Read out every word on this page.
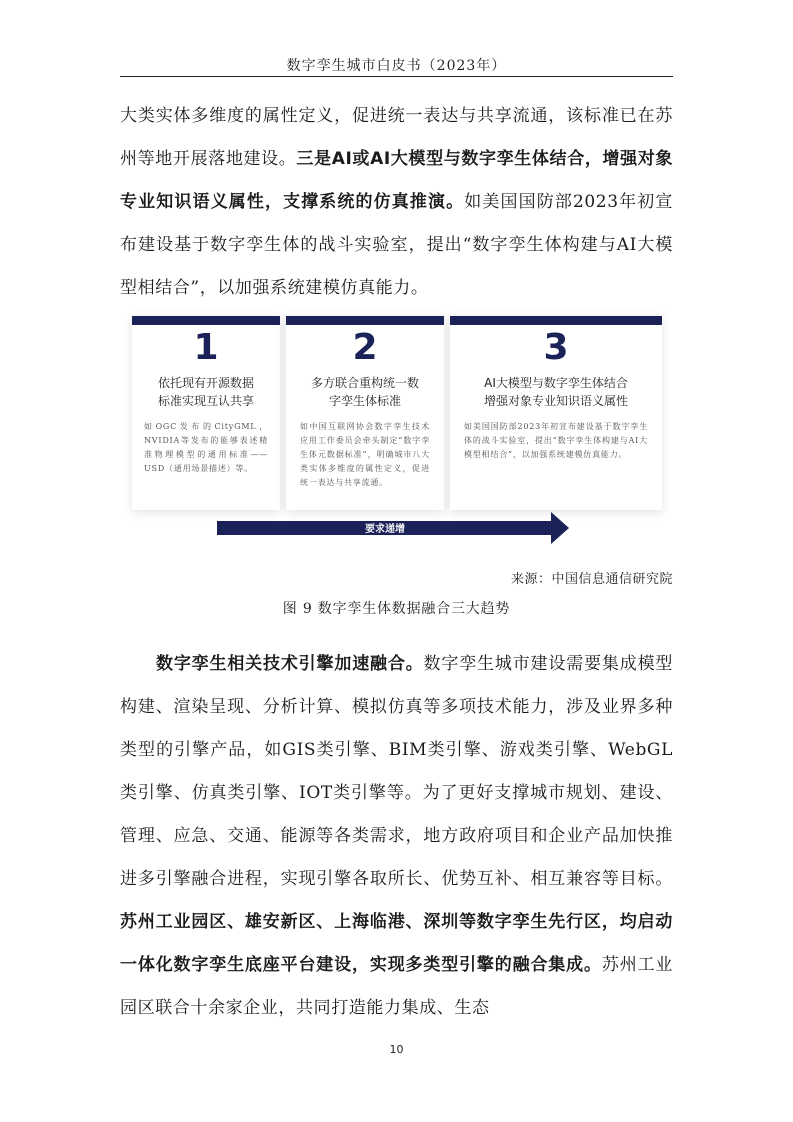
数字孪生城市白皮书（2023年）

大类实体多维度的属性定义，促进统一表达与共享流通，该标准已在苏州等地开展落地建设。三是AI或AI大模型与数字孪生体结合，增强对象专业知识语义属性，支撑系统的仿真推演。如美国国防部2023年初宣布建设基于数字孪生体的战斗实验室，提出“数字孪生体构建与AI大模型相结合”，以加强系统建模仿真能力。

1
依托现有开源数据
标准实现互认共享
如OGC发布的CityGML，NVIDIA等发布的能够表述精准物理模型的通用标准——USD（通用场景描述）等。
2
多方联合重构统一数
字孪生体标准
如中国互联网协会数字孪生技术应用工作委员会牵头制定“数字孪生体元数据标准”，明确城市八大类实体多维度的属性定义，促进统一表达与共享流通。
3
AI大模型与数字孪生体结合
增强对象专业知识语义属性
如美国国防部2023年初宣布建设基于数字孪生体的战斗实验室，提出“数字孪生体构建与AI大模型相结合”，以加强系统建模仿真能力。
要求递增
来源：中国信息通信研究院
图 9 数字孪生体数据融合三大趋势

数字孪生相关技术引擎加速融合。数字孪生城市建设需要集成模型构建、渲染呈现、分析计算、模拟仿真等多项技术能力，涉及业界多种类型的引擎产品，如GIS类引擎、BIM类引擎、游戏类引擎、WebGL类引擎、仿真类引擎、IOT类引擎等。为了更好支撑城市规划、建设、管理、应急、交通、能源等各类需求，地方政府项目和企业产品加快推进多引擎融合进程，实现引擎各取所长、优势互补、相互兼容等目标。苏州工业园区、雄安新区、上海临港、深圳等数字孪生先行区，均启动一体化数字孪生底座平台建设，实现多类型引擎的融合集成。苏州工业园区联合十余家企业，共同打造能力集成、生态

10
